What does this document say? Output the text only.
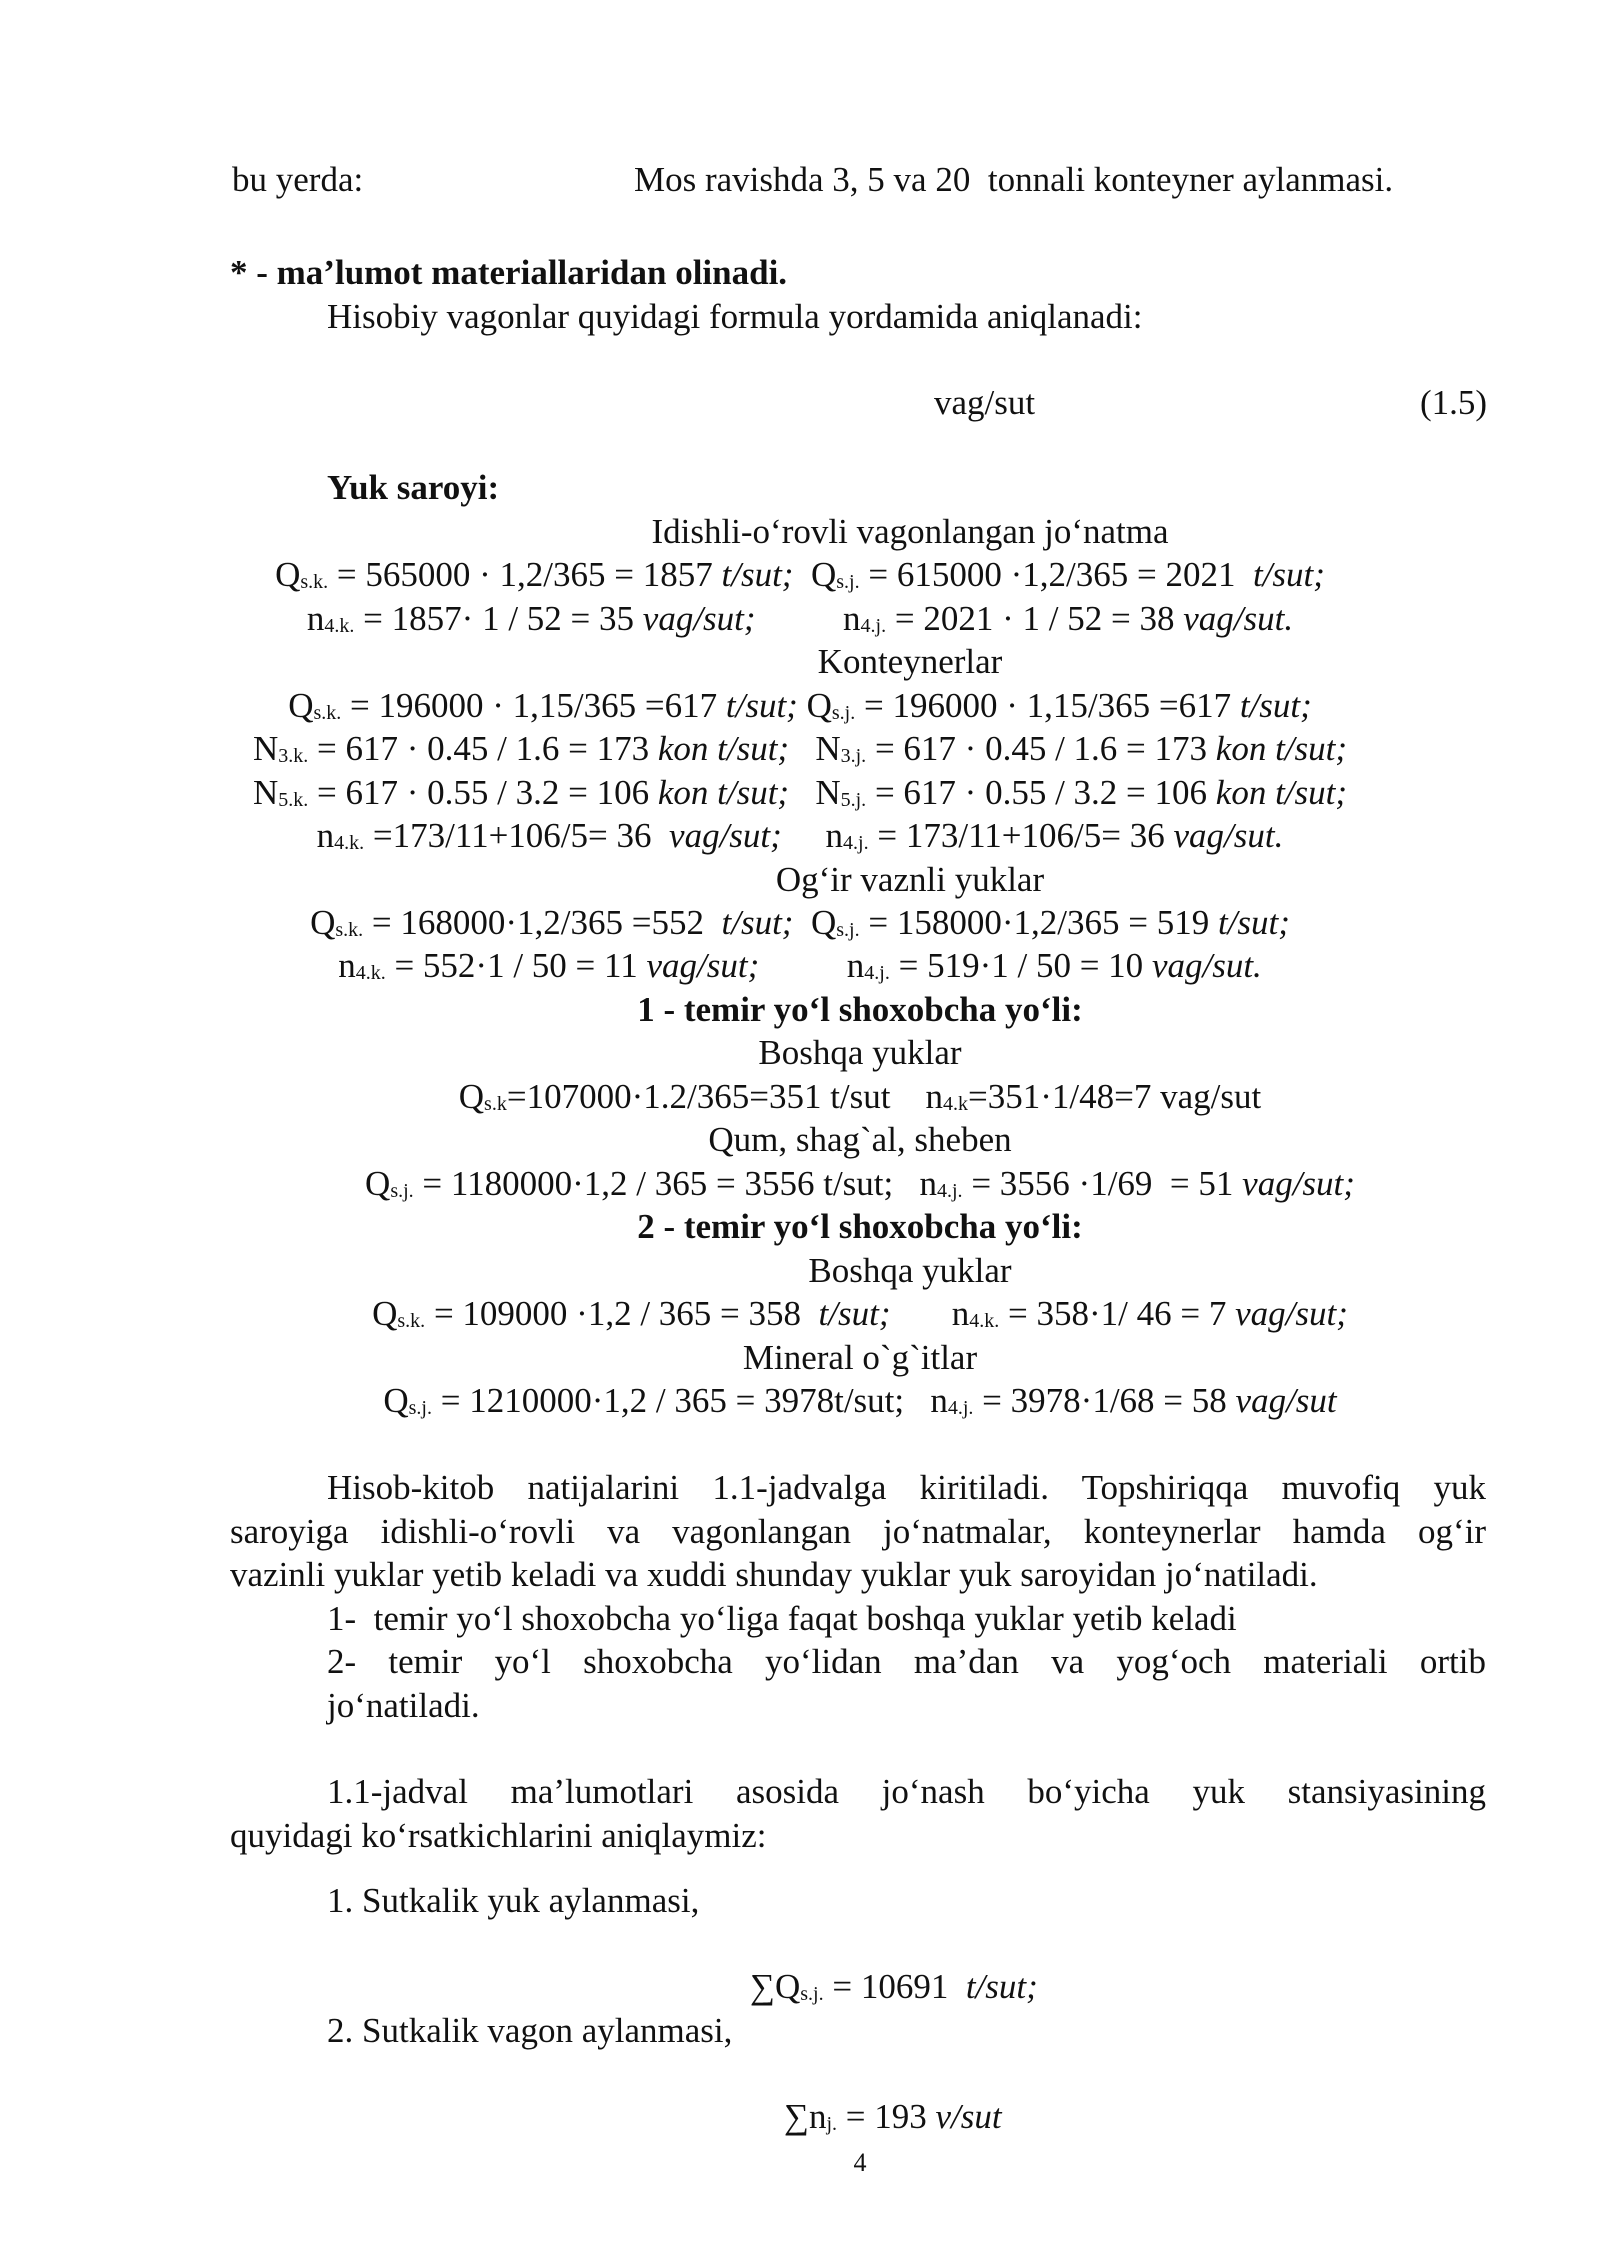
bu yerda:	Mos ravishda 3, 5 va 20  tonnali konteyner aylanmasi.
* - ma’lumot materiallaridan olinadi.
Hisobiy vagonlar quyidagi formula yordamida aniqlanadi:
vag/sut	(1.5)
Yuk saroyi:
Idishli-o‘rovli vagonlangan jo‘natma
$Q_{s.k.} = 565000 \cdot 1,2/365 = 1857$ t/sut; $Q_{s.j.} = 615000 \cdot 1,2/365 = 2021$  t/sut;
$n_{4.k.} = 1857\cdot 1 / 52 = 35$ vag/sut;	$n_{4.j.} = 2021 \cdot 1 / 52 = 38$ vag/sut.
Konteynerlar
$Q_{s.k.} = 196000 \cdot 1,15/365 =617$ t/sut; $Q_{s.j.} = 196000 \cdot 1,15/365 =617$ t/sut;
$N_{3.k.} = 617 \cdot 0.45 / 1.6 = 173$ kon t/sut; $N_{3.j.} = 617 \cdot 0.45 / 1.6 = 173$ kon t/sut;
$N_{5.k.} = 617 \cdot 0.55 / 3.2 = 106$ kon t/sut; $N_{5.j.} = 617 \cdot 0.55 / 3.2 = 106$ kon t/sut;
$n_{4.k.} =173/11+106/5= 36$  vag/sut; $n_{4.j.} = 173/11+106/5= 36$ vag/sut.
Og‘ir vaznli yuklar
$Q_{s.k.} = 168000\cdot 1,2/365 =552$  t/sut; $Q_{s.j.} = 158000\cdot 1,2/365 = 519$ t/sut;
$n_{4.k.} = 552\cdot 1 / 50 = 11$ vag/sut;	$n_{4.j.} = 519\cdot 1 / 50 = 10$ vag/sut.
1 - temir yo‘l shoxobcha yo‘li:
Boshqa yuklar
$Q_{s.k}=107000\cdot 1.2/365=351$ t/sut $n_{4.k}=351\cdot 1/48=7$ vag/sut
Qum, shag`al, sheben
$Q_{s.j.} = 1180000\cdot 1,2 / 365 = 3556$ t/sut; $n_{4.j.} = 3556 \cdot 1/69 = 51$ vag/sut;
2 - temir yo‘l shoxobcha yo‘li:
Boshqa yuklar
$Q_{s.k.} = 109000 \cdot 1,2 / 365 = 358$  t/sut; $n_{4.k.} = 358\cdot 1/$ 46 = 7 vag/sut;
Mineral o`g`itlar
$Q_{s.j.} = 1210000\cdot 1,2 / 365 = 3978t/sut$; $n_{4.j.} = 3978\cdot 1/68 = 58$ vag/sut
Hisob-kitob natijalarini 1.1-jadvalga kiritiladi. Topshiriqqa muvofiq yuk
saroyiga idishli-o‘rovli va vagonlangan jo‘natmalar, konteynerlar hamda og‘ir
vazinli yuklar yetib keladi va xuddi shunday yuklar yuk saroyidan jo‘natiladi.
1-  temir yo‘l shoxobcha yo‘liga faqat boshqa yuklar yetib keladi
2- temir yo‘l shoxobcha yo‘lidan ma’dan va yog‘och materiali ortib
jo‘natiladi.
1.1-jadval ma’lumotlari asosida jo‘nash bo‘yicha yuk stansiyasining
quyidagi ko‘rsatkichlarini aniqlaymiz:
1. Sutkalik yuk aylanmasi,
$\sum Q_{s.j.} = 10691$  t/sut;
2. Sutkalik vagon aylanmasi,
$\sum n_{j.} = 193$ v/sut
4
